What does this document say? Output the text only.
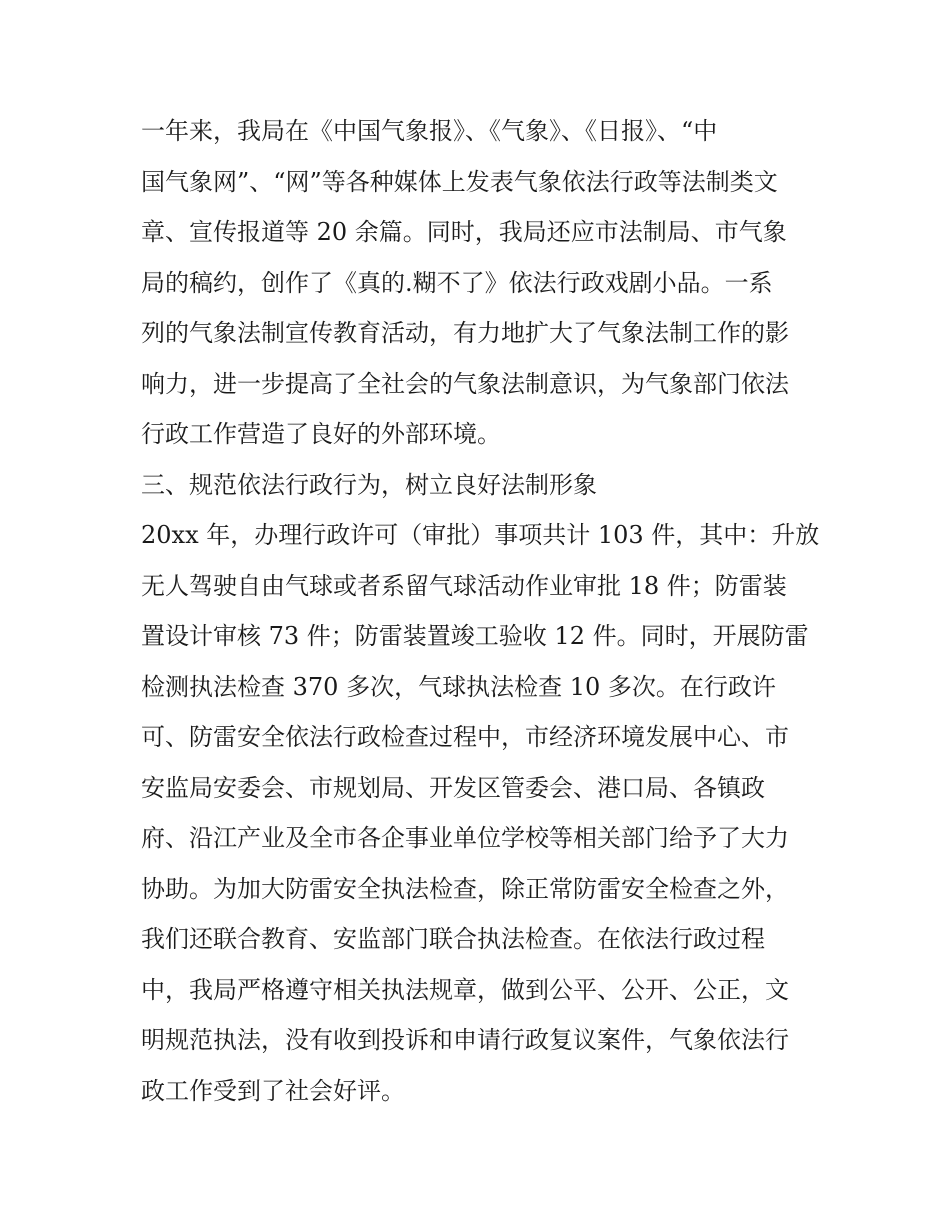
一年来，我局在《中国气象报》、《气象》、《日报》、“中
国气象网”、“网”等各种媒体上发表气象依法行政等法制类文
章、宣传报道等 20 余篇。同时，我局还应市法制局、市气象
局的稿约，创作了《真的.糊不了》依法行政戏剧小品。一系
列的气象法制宣传教育活动，有力地扩大了气象法制工作的影
响力，进一步提高了全社会的气象法制意识，为气象部门依法
行政工作营造了良好的外部环境。
三、规范依法行政行为，树立良好法制形象
20xx 年，办理行政许可（审批）事项共计 103 件，其中：升放
无人驾驶自由气球或者系留气球活动作业审批 18 件；防雷装
置设计审核 73 件；防雷装置竣工验收 12 件。同时，开展防雷
检测执法检查 370 多次，气球执法检查 10 多次。在行政许
可、防雷安全依法行政检查过程中，市经济环境发展中心、市
安监局安委会、市规划局、开发区管委会、港口局、各镇政
府、沿江产业及全市各企事业单位学校等相关部门给予了大力
协助。为加大防雷安全执法检查，除正常防雷安全检查之外，
我们还联合教育、安监部门联合执法检查。在依法行政过程
中，我局严格遵守相关执法规章，做到公平、公开、公正，文
明规范执法，没有收到投诉和申请行政复议案件，气象依法行
政工作受到了社会好评。
